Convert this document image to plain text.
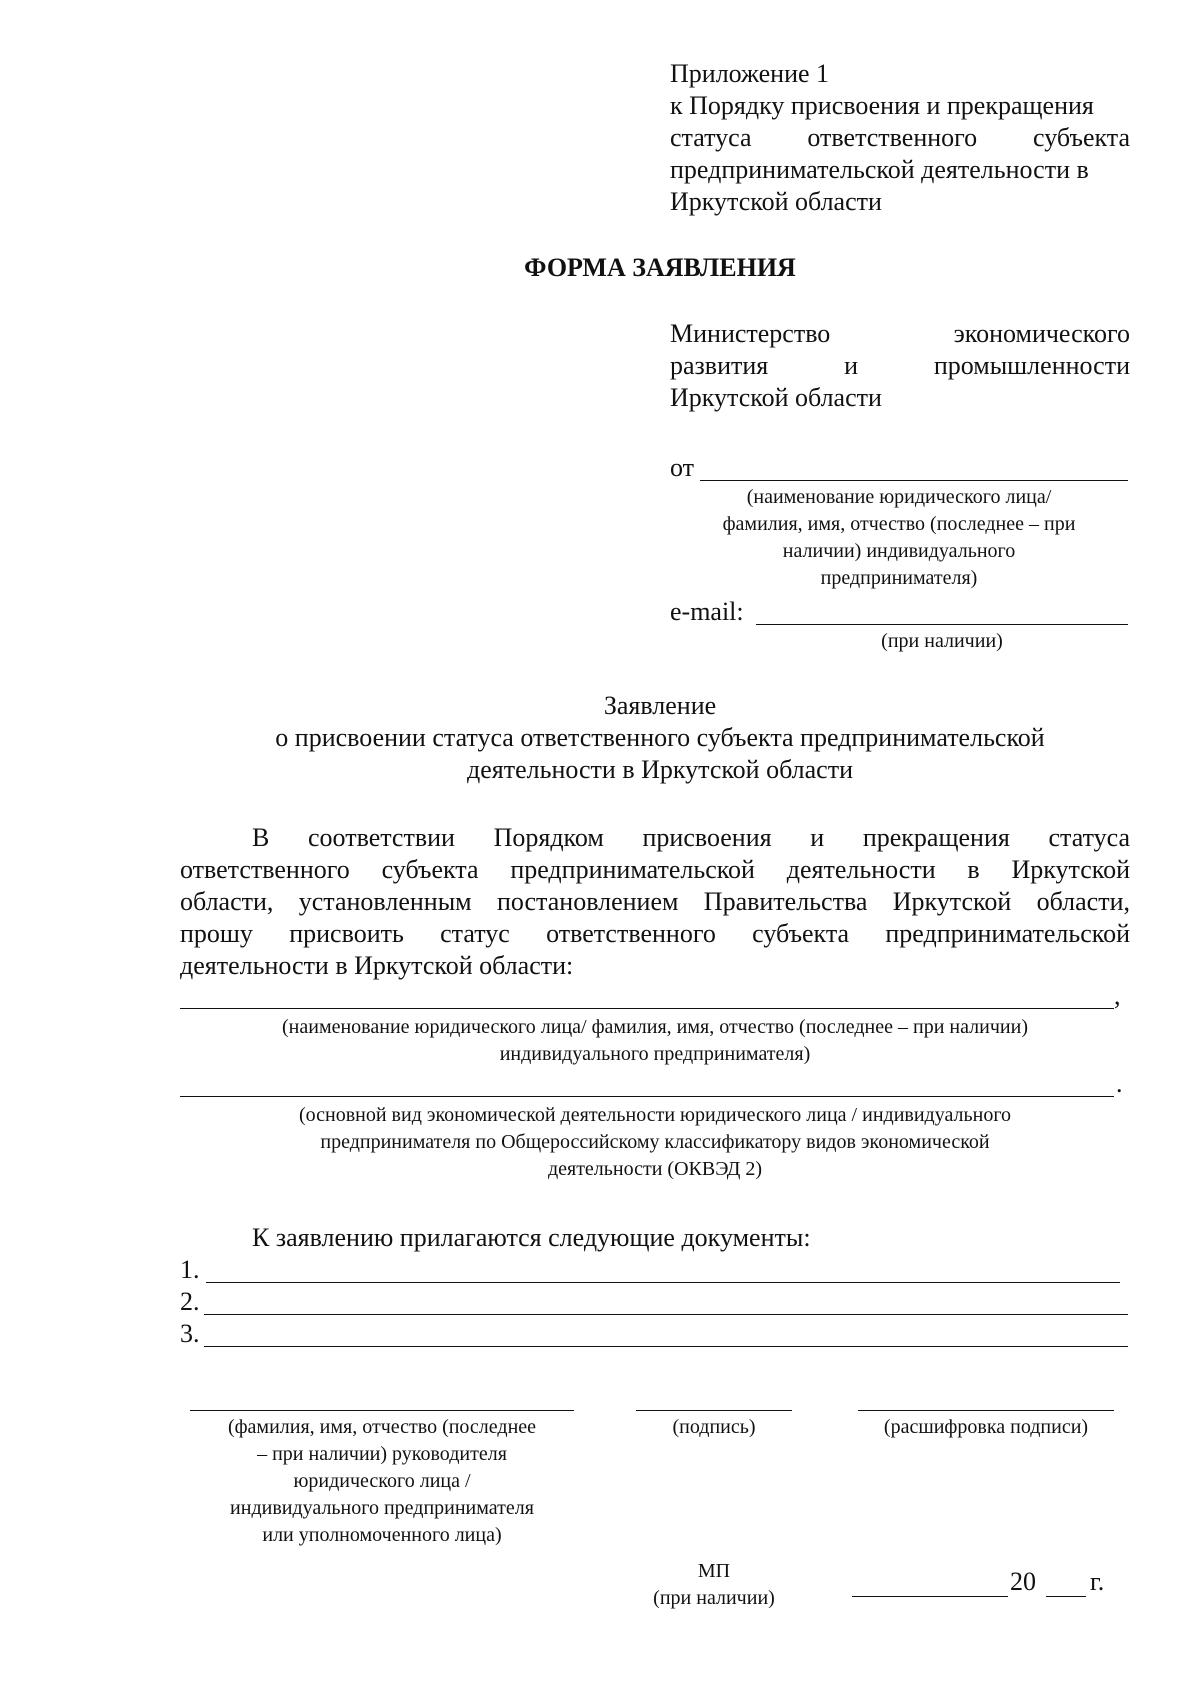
Приложение 1
к Порядку присвоения и прекращения
статуса ответственного субъекта
предпринимательской деятельности в
Иркутской области
ФОРМА ЗАЯВЛЕНИЯ
Министерство экономического
развития и промышленности
Иркутской области
от
(наименование юридического лица/
фамилия, имя, отчество (последнее – при
наличии) индивидуального
предпринимателя)
e-mail:
(при наличии)
Заявление
о присвоении статуса ответственного субъекта предпринимательской
деятельности в Иркутской области
В соответствии Порядком присвоения и прекращения статуса
ответственного субъекта предпринимательской деятельности в Иркутской
области, установленным постановлением Правительства Иркутской области,
прошу присвоить статус ответственного субъекта предпринимательской
деятельности в Иркутской области:
,
(наименование юридического лица/ фамилия, имя, отчество (последнее – при наличии)
индивидуального предпринимателя)
.
(основной вид экономической деятельности юридического лица / индивидуального
предпринимателя по Общероссийскому классификатору видов экономической
деятельности (ОКВЭД 2)
К заявлению прилагаются следующие документы:
1.
2.
3.
(фамилия, имя, отчество (последнее
– при наличии) руководителя
юридического лица /
индивидуального предпринимателя
или уполномоченного лица)
(подпись)	(расшифровка подписи)
МП
(при наличии)
20 г.
